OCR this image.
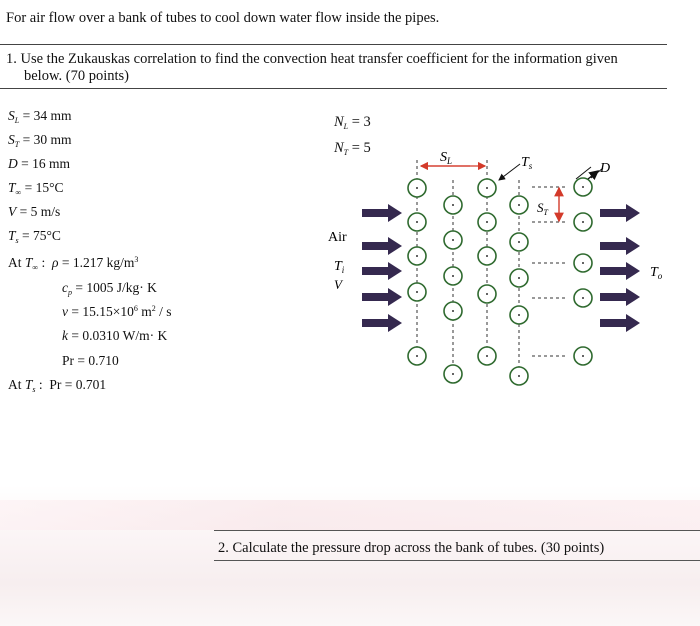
For air flow over a bank of tubes to cool down water flow inside the pipes.
1. Use the Zukauskas correlation to find the convection heat transfer coefficient for the information given
below. (70 points)
$S_L = 34$ mm
$S_T = 30$ mm
D = 16 mm
$T_\infty = 15^\circ C$
V = 5 m/s
$T_s = 75^\circ C$
At $T_\infty$ :  ρ = 1.217 $kg/m^3$
$c_p = 1005$ J/kg· K
$\nu = 15.15\times 10^6$ $m^2$ / s
k = 0.0310 W/m· K
Pr = 0.710
At $T_s$ :  Pr = 0.701
$N_L = 3$
$N_T = 5$
$S_L$
$S_T$
$T_s$	D
Air
$T_i$
V
$T_o$
2. Calculate the pressure drop across the bank of tubes. (30 points)
